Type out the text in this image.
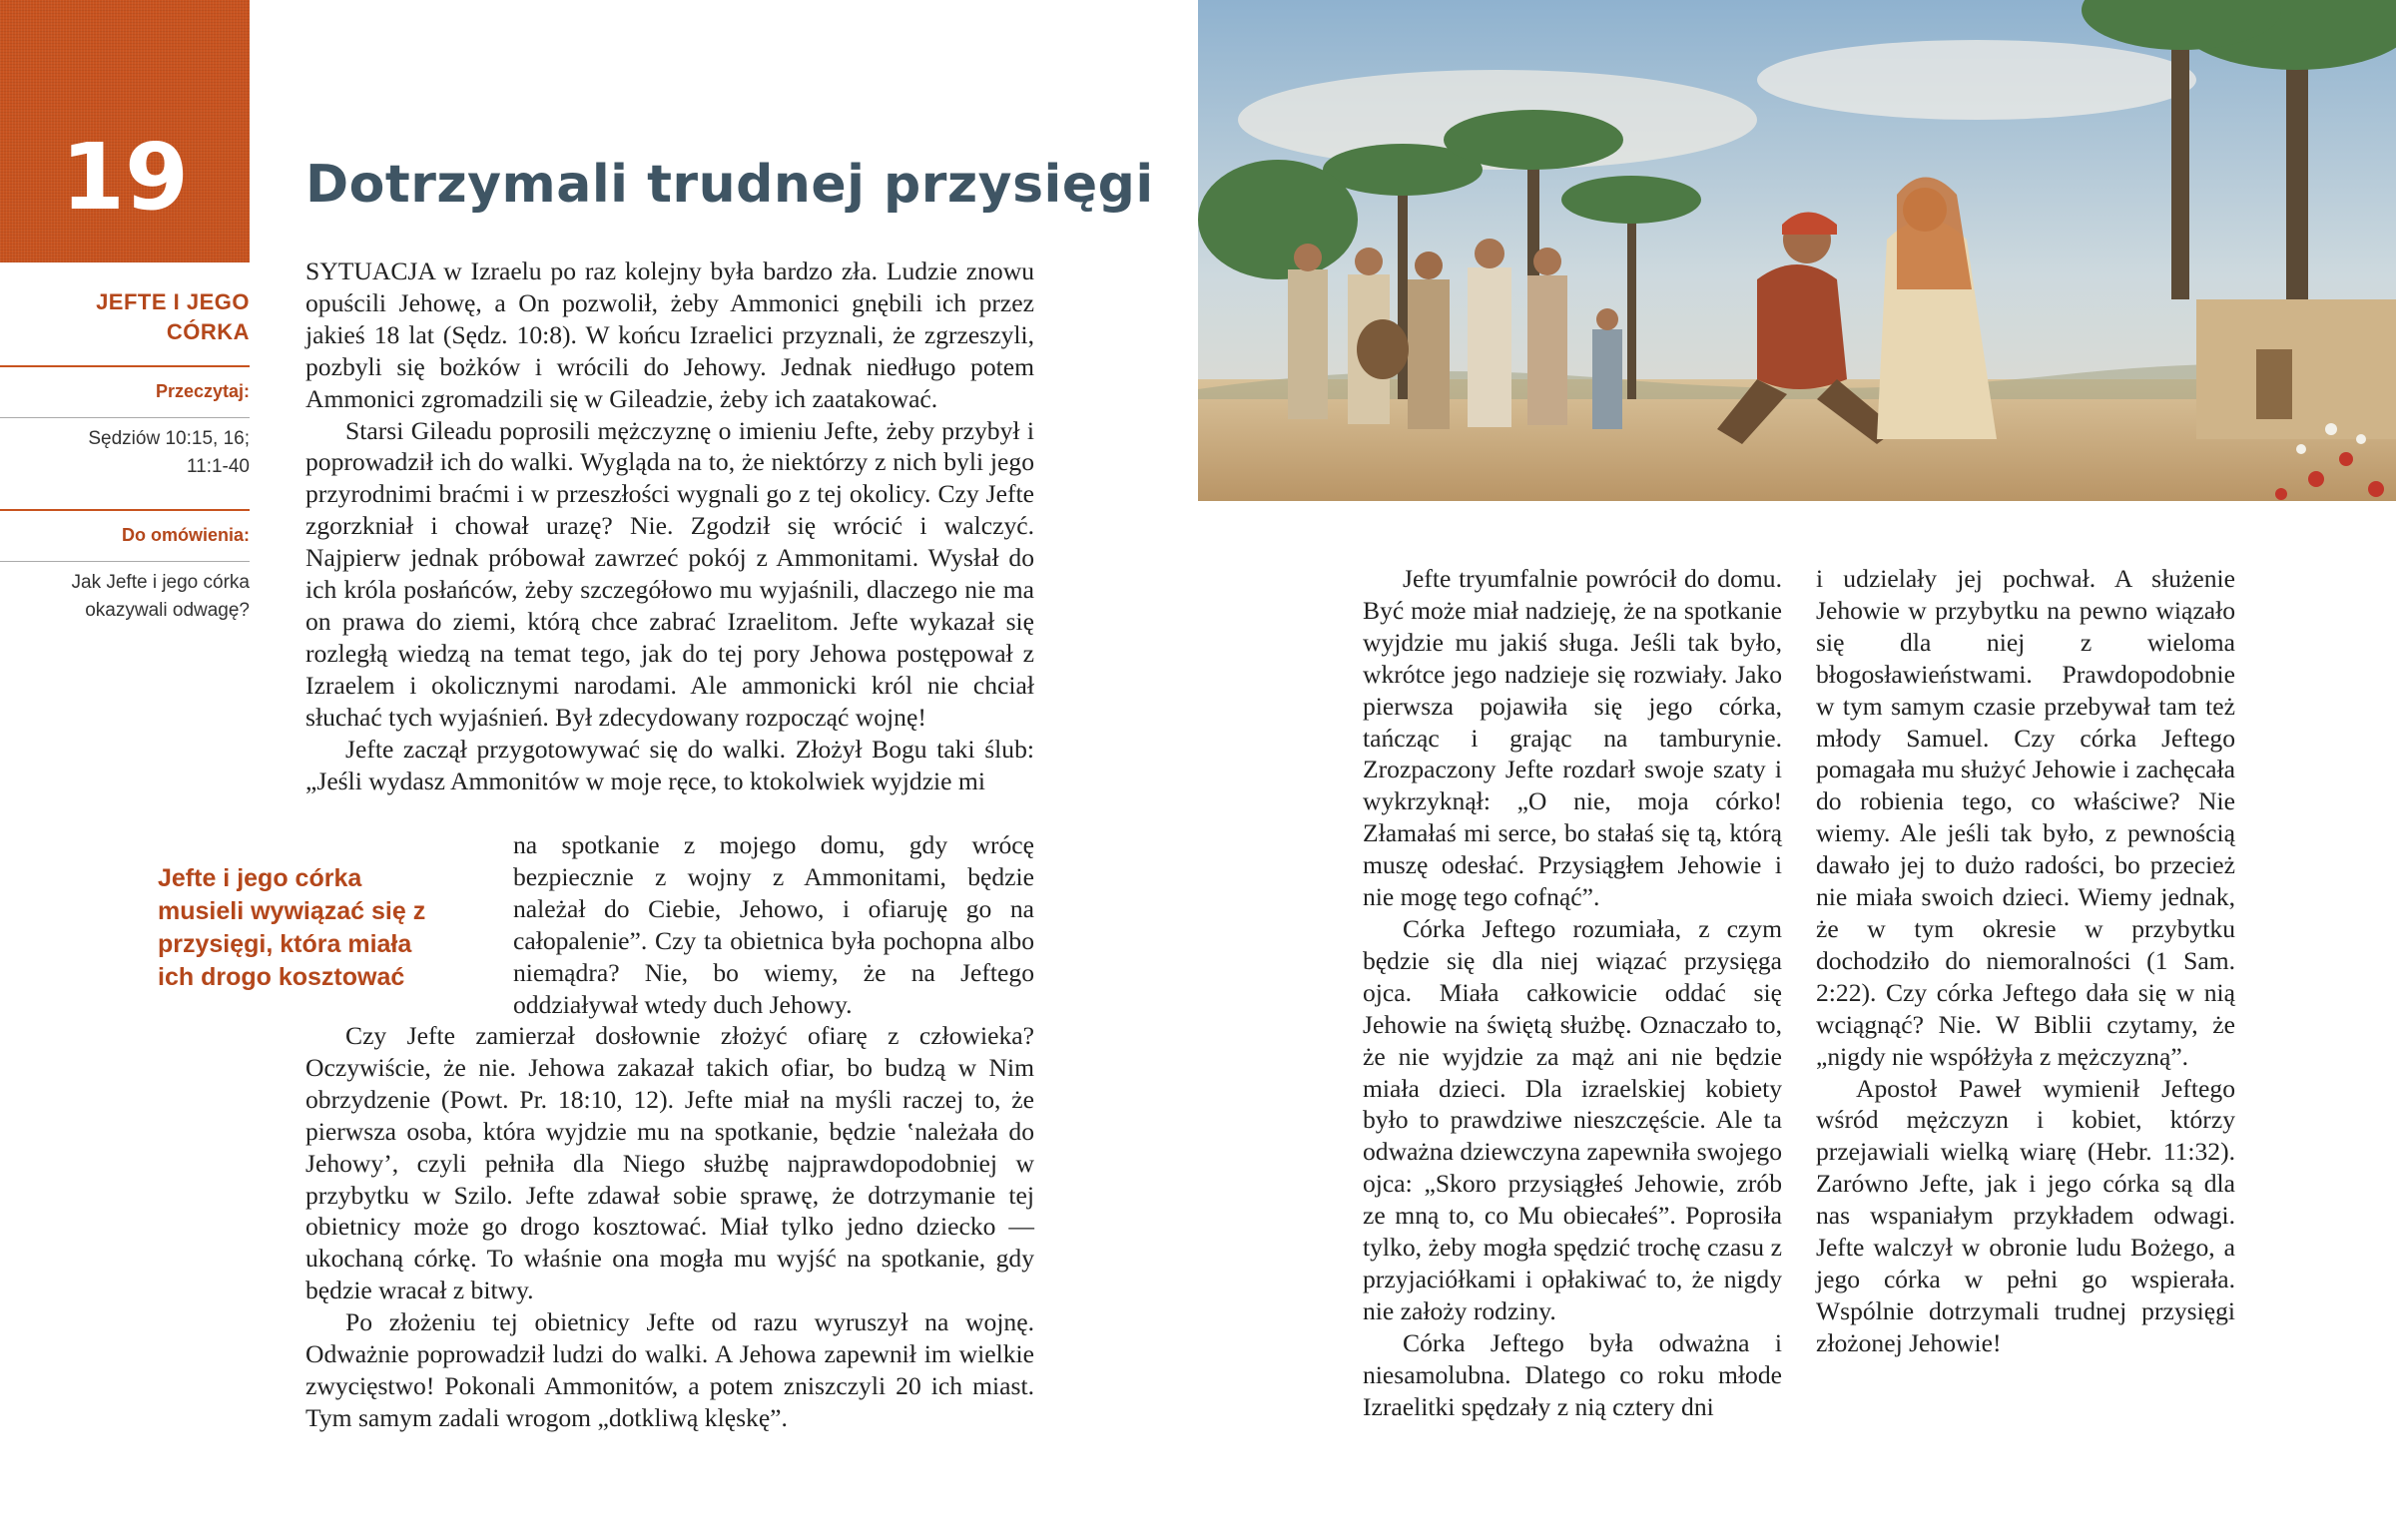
19
JEFTE I JEGO CÓRKA
Przeczytaj:
Sędziów 10:15, 16; 11:1-40
Do omówienia:
Jak Jefte i jego córka okazywali odwagę?
Dotrzymali trudnej przysięgi

SYTUACJA w Izraelu po raz kolejny była bardzo zła. Ludzie znowu opuścili Jehowę, a On pozwolił, żeby Ammonici gnębili ich przez jakieś 18 lat (Sędz. 10:8). W końcu Izraelici przyznali, że zgrzeszyli, pozbyli się bożków i wrócili do Jehowy. Jednak niedługo potem Ammonici zgromadzili się w Gileadzie, żeby ich zaatakować.

Starsi Gileadu poprosili mężczyznę o imieniu Jefte, żeby przybył i poprowadził ich do walki. Wygląda na to, że niektórzy z nich byli jego przyrodnimi braćmi i w przeszłości wygnali go z tej okolicy. Czy Jefte zgorzkniał i chował urazę? Nie. Zgodził się wrócić i walczyć. Najpierw jednak próbował zawrzeć pokój z Ammonitami. Wysłał do ich króla posłańców, żeby szczegółowo mu wyjaśnili, dlaczego nie ma on prawa do ziemi, którą chce zabrać Izraelitom. Jefte wykazał się rozległą wiedzą na temat tego, jak do tej pory Jehowa postępował z Izraelem i okolicznymi narodami. Ale ammonicki król nie chciał słuchać tych wyjaśnień. Był zdecydowany rozpocząć wojnę!

Jefte zaczął przygotowywać się do walki. Złożył Bogu taki ślub: „Jeśli wydasz Ammonitów w moje ręce, to ktokolwiek wyjdzie mi

Jefte i jego córka musieli wywiązać się z przysięgi, która miała ich drogo kosztować

na spotkanie z mojego domu, gdy wrócę bezpiecznie z wojny z Ammonitami, będzie należał do Ciebie, Jehowo, i ofiaruję go na całopalenie”. Czy ta obietnica była pochopna albo niemądra? Nie, bo wiemy, że na Jeftego oddziaływał wtedy duch Jehowy.

Czy Jefte zamierzał dosłownie złożyć ofiarę z człowieka? Oczywiście, że nie. Jehowa zakazał takich ofiar, bo budzą w Nim obrzydzenie (Powt. Pr. 18:10, 12). Jefte miał na myśli raczej to, że pierwsza osoba, która wyjdzie mu na spotkanie, będzie ‛należała do Jehowy’, czyli pełniła dla Niego służbę najprawdopodobniej w przybytku w Szilo. Jefte zdawał sobie sprawę, że dotrzymanie tej obietnicy może go drogo kosztować. Miał tylko jedno dziecko — ukochaną córkę. To właśnie ona mogła mu wyjść na spotkanie, gdy będzie wracał z bitwy.

Po złożeniu tej obietnicy Jefte od razu wyruszył na wojnę. Odważnie poprowadził ludzi do walki. A Jehowa zapewnił im wielkie zwycięstwo! Pokonali Ammonitów, a potem zniszczyli 20 ich miast. Tym samym zadali wrogom „dotkliwą klęskę”.

Jefte tryumfalnie powrócił do domu. Być może miał nadzieję, że na spotkanie wyjdzie mu jakiś sługa. Jeśli tak było, wkrótce jego nadzieje się rozwiały. Jako pierwsza pojawiła się jego córka, tańcząc i grając na tamburynie. Zrozpaczony Jefte rozdarł swoje szaty i wykrzyknął: „O nie, moja córko! Złamałaś mi serce, bo stałaś się tą, którą muszę odesłać. Przysiągłem Jehowie i nie mogę tego cofnąć”.

Córka Jeftego rozumiała, z czym będzie się dla niej wiązać przysięga ojca. Miała całkowicie oddać się Jehowie na świętą służbę. Oznaczało to, że nie wyjdzie za mąż ani nie będzie miała dzieci. Dla izraelskiej kobiety było to prawdziwe nieszczęście. Ale ta odważna dziewczyna zapewniła swojego ojca: „Skoro przysiągłeś Jehowie, zrób ze mną to, co Mu obiecałeś”. Poprosiła tylko, żeby mogła spędzić trochę czasu z przyjaciółkami i opłakiwać to, że nigdy nie założy rodziny.

Córka Jeftego była odważna i niesamolubna. Dlatego co roku młode Izraelitki spędzały z nią cztery dni

i udzielały jej pochwał. A służenie Jehowie w przybytku na pewno wiązało się dla niej z wieloma błogosławieństwami. Prawdopodobnie w tym samym czasie przebywał tam też młody Samuel. Czy córka Jeftego pomagała mu służyć Jehowie i zachęcała do robienia tego, co właściwe? Nie wiemy. Ale jeśli tak było, z pewnością dawało jej to dużo radości, bo przecież nie miała swoich dzieci. Wiemy jednak, że w tym okresie w przybytku dochodziło do niemoralności (1 Sam. 2:22). Czy córka Jeftego dała się w nią wciągnąć? Nie. W Biblii czytamy, że „nigdy nie współżyła z mężczyzną”.

Apostoł Paweł wymienił Jeftego wśród mężczyzn i kobiet, którzy przejawiali wielką wiarę (Hebr. 11:32). Zarówno Jefte, jak i jego córka są dla nas wspaniałym przykładem odwagi. Jefte walczył w obronie ludu Bożego, a jego córka w pełni go wspierała. Wspólnie dotrzymali trudnej przysięgi złożonej Jehowie!
